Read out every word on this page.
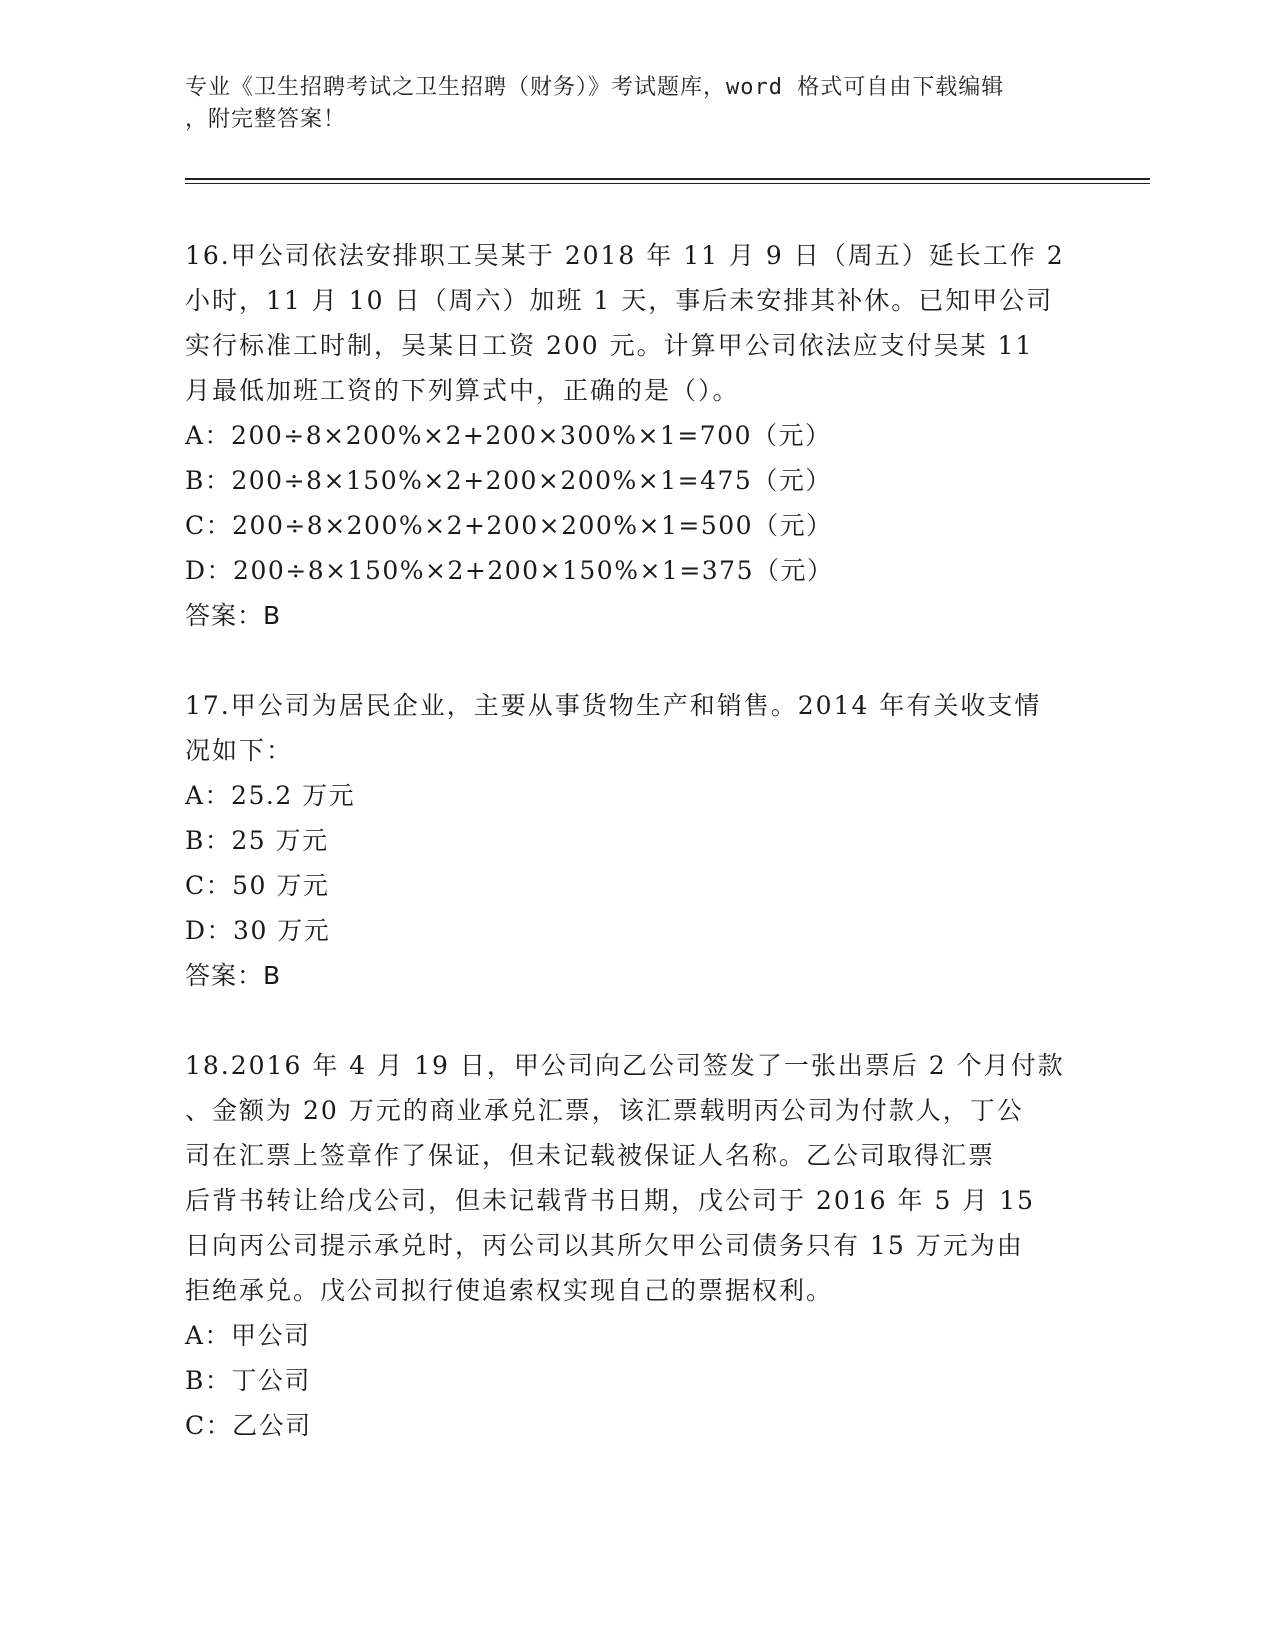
专业《卫生招聘考试之卫生招聘（财务）》考试题库，word 格式可自由下载编辑
，附完整答案！

16.甲公司依法安排职工吴某于 2018 年 11 月 9 日（周五）延长工作 2

小时，11 月 10 日（周六）加班 1 天，事后未安排其补休。已知甲公司

实行标准工时制，吴某日工资 200 元。计算甲公司依法应支付吴某 11

月最低加班工资的下列算式中，正确的是（）。

A：200÷8×200%×2+200×300%×1=700（元）

B：200÷8×150%×2+200×200%×1=475（元）

C：200÷8×200%×2+200×200%×1=500（元）

D：200÷8×150%×2+200×150%×1=375（元）

答案：B

17.甲公司为居民企业，主要从事货物生产和销售。2014 年有关收支情

况如下：

A：25.2 万元

B：25 万元

C：50 万元

D：30 万元

答案：B

18.2016 年 4 月 19 日，甲公司向乙公司签发了一张出票后 2 个月付款

、金额为 20 万元的商业承兑汇票，该汇票载明丙公司为付款人，丁公

司在汇票上签章作了保证，但未记载被保证人名称。乙公司取得汇票

后背书转让给戊公司，但未记载背书日期，戊公司于 2016 年 5 月 15

日向丙公司提示承兑时，丙公司以其所欠甲公司债务只有 15 万元为由

拒绝承兑。戊公司拟行使追索权实现自己的票据权利。

A：甲公司

B：丁公司

C：乙公司
